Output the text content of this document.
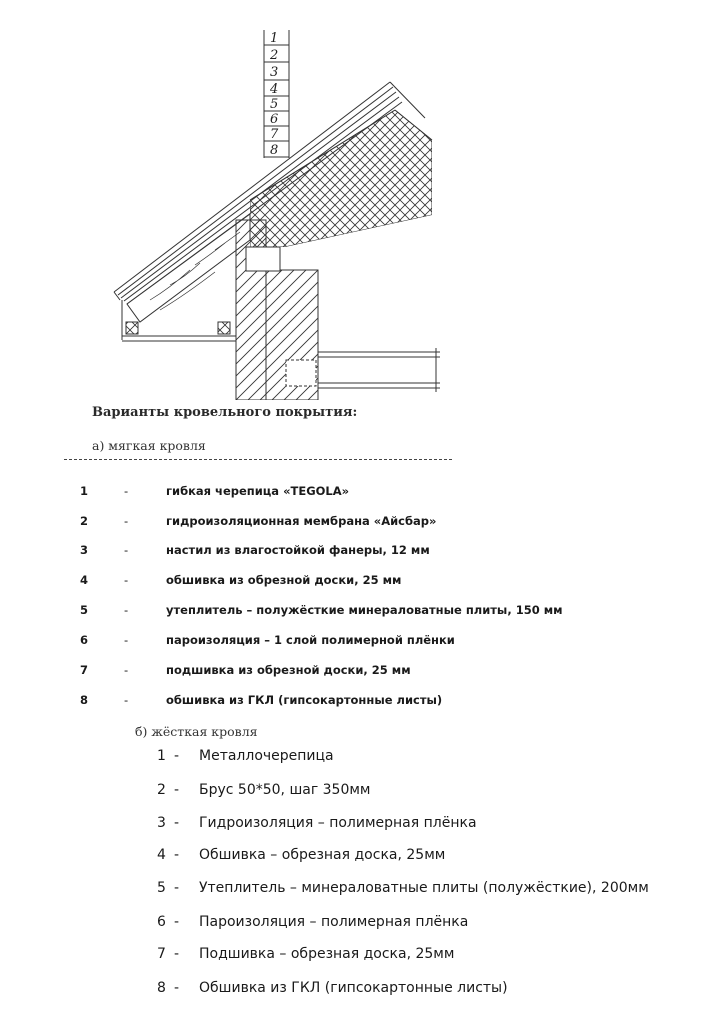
1
2
3
4
5
6
7
8
Варианты кровельного покрытия:
а) мягкая кровля
1	-	гибкая черепица «TEGOLA»
2	-	гидроизоляционная мембрана «Айсбар»
3	-	настил из влагостойкой фанеры, 12 мм
4	-	обшивка из обрезной доски, 25 мм
5	-	утеплитель – полужёсткие минераловатные плиты, 150 мм
6	-	пароизоляция – 1 слой полимерной плёнки
7	-	подшивка из обрезной доски, 25 мм
8	-	обшивка из ГКЛ (гипсокартонные листы)
б) жёсткая кровля
1 - Металлочерепица
2 - Брус 50*50, шаг 350мм
3 - Гидроизоляция – полимерная плёнка
4 - Обшивка – обрезная доска, 25мм
5 - Утеплитель – минераловатные плиты (полужёсткие), 200мм
6 - Пароизоляция – полимерная плёнка
7 - Подшивка – обрезная доска, 25мм
8 - Обшивка из ГКЛ (гипсокартонные листы)
